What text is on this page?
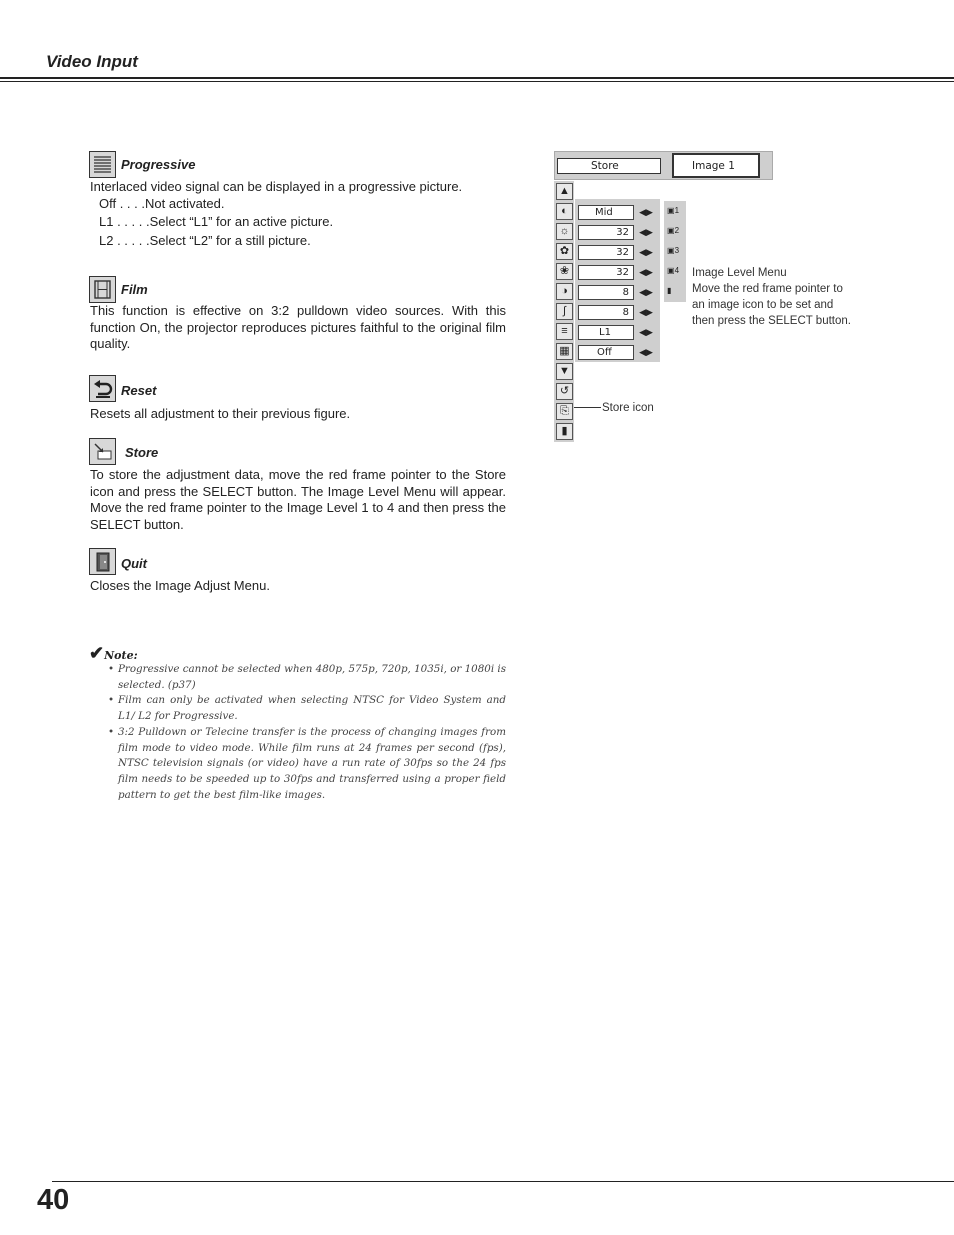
Video Input
Progressive
Interlaced video signal can be displayed in a progressive picture.
Off . . . .Not activated.
L1 . . . . .Select “L1” for an active picture.
L2 . . . . .Select “L2” for a still picture.
Film
This function is effective on 3:2 pulldown video sources. With this function On, the projector reproduces pictures faithful to the original film quality.
Reset
Resets all adjustment to their previous figure.
Store
To store the adjustment data, move the red frame pointer to the Store icon and press the SELECT button. The Image Level Menu will appear. Move the red frame pointer to the Image Level 1 to 4 and then press the SELECT button.
Quit
Closes the Image Adjust Menu.
✔Note:
• Progressive cannot be selected when 480p, 575p, 720p, 1035i, or 1080i is selected. (p37)
• Film can only be activated when selecting NTSC for Video System and L1/ L2 for Progressive.
• 3:2 Pulldown or Telecine transfer is the process of changing images from film mode to video mode. While film runs at 24 frames per second (fps), NTSC television signals (or video) have a run rate of 30fps so the 24 fps film needs to be speeded up to 30fps and transferred using a proper field pattern to get the best film-like images.
Store	Image 1
▲
◐
☼
✿
❀
◑
∫
≡
▦
▼
↺
⎘
▮
Mid
32
32
32
8
8
L1
Off
◀▶
◀▶
◀▶
◀▶
◀▶
◀▶
◀▶
◀▶
▣1
▣2
▣3
▣4
▮
Image Level Menu
Move the red frame pointer to an image icon to be set and then press the SELECT button.
Store icon
40
